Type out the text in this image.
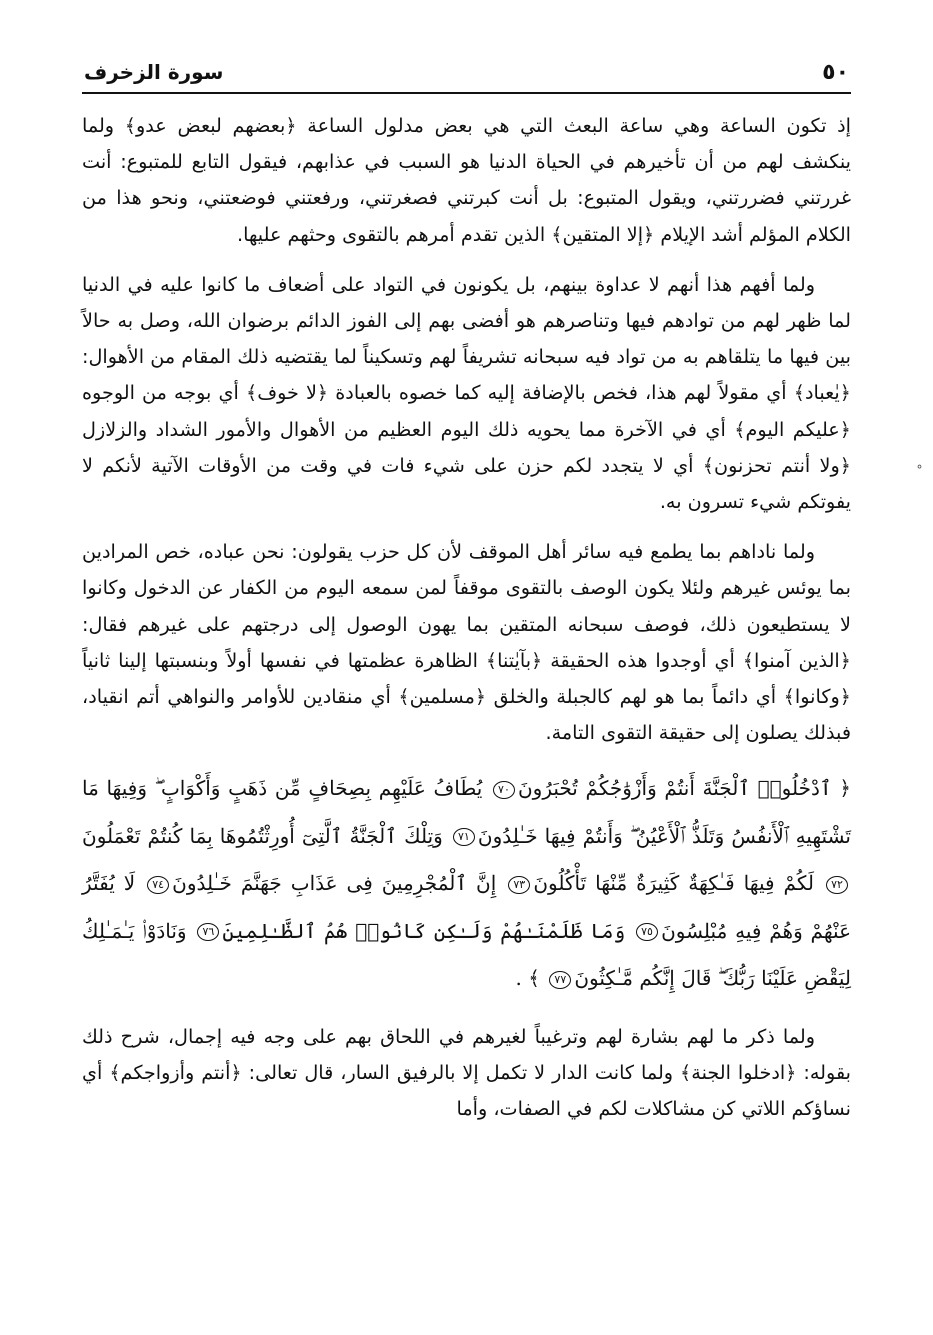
٥٠
سورة الزخرف

إذ تكون الساعة وهي ساعة البعث التي هي بعض مدلول الساعة ﴿بعضهم لبعض عدو﴾ ولما ينكشف لهم من أن تأخيرهم في الحياة الدنيا هو السبب في عذابهم، فيقول التابع للمتبوع: أنت غررتني فضررتني، ويقول المتبوع: بل أنت كبرتني فصغرتني، ورفعتني فوضعتني، ونحو هذا من الكلام المؤلم أشد الإيلام ﴿إلا المتقين﴾ الذين تقدم أمرهم بالتقوى وحثهم عليها.

ولما أفهم هذا أنهم لا عداوة بينهم، بل يكونون في التواد على أضعاف ما كانوا عليه في الدنيا لما ظهر لهم من توادهم فيها وتناصرهم هو أفضى بهم إلى الفوز الدائم برضوان الله، وصل به حالاً بين فيها ما يتلقاهم به من تواد فيه سبحانه تشريفاً لهم وتسكيناً لما يقتضيه ذلك المقام من الأهوال: ﴿يٰعباد﴾ أي مقولاً لهم هذا، فخص بالإضافة إليه كما خصوه بالعبادة ﴿لا خوف﴾ أي بوجه من الوجوه ﴿عليكم اليوم﴾ أي في الآخرة مما يحويه ذلك اليوم العظيم من الأهوال والأمور الشداد والزلازل ﴿ولا أنتم تحزنون﴾ أي لا يتجدد لكم حزن على شيء فات في وقت من الأوقات الآتية لأنكم لا يفوتكم شيء تسرون به.

ولما ناداهم بما يطمع فيه سائر أهل الموقف لأن كل حزب يقولون: نحن عباده، خص المرادين بما يوئس غيرهم ولئلا يكون الوصف بالتقوى موقفاً لمن سمعه اليوم من الكفار عن الدخول وكانوا لا يستطيعون ذلك، فوصف سبحانه المتقين بما يهون الوصول إلى درجتهم على غيرهم فقال: ﴿الذين آمنوا﴾ أي أوجدوا هذه الحقيقة ﴿بآيٰتنا﴾ الظاهرة عظمتها في نفسها أولاً وبنسبتها إلينا ثانياً ﴿وكانوا﴾ أي دائماً بما هو لهم كالجبلة والخلق ﴿مسلمين﴾ أي منقادين للأوامر والنواهي أتم انقياد، فبذلك يصلون إلى حقيقة التقوى التامة.

﴿ ٱدْخُلُوا۟ ٱلْجَنَّةَ أَنتُمْ وَأَزْوَٰجُكُمْ تُحْبَرُونَ٧٠ يُطَافُ عَلَيْهِم بِصِحَافٍ مِّن ذَهَبٍ وَأَكْوَابٍ ۖ وَفِيهَا مَا تَشْتَهِيهِ ٱلْأَنفُسُ وَتَلَذُّ ٱلْأَعْيُنُ ۖ وَأَنتُمْ فِيهَا خَـٰلِدُونَ٧١ وَتِلْكَ ٱلْجَنَّةُ ٱلَّتِىٓ أُورِثْتُمُوهَا بِمَا كُنتُمْ تَعْمَلُونَ٧٢ لَكُمْ فِيهَا فَـٰكِهَةٌ كَثِيرَةٌ مِّنْهَا تَأْكُلُونَ٧٣ إِنَّ ٱلْمُجْرِمِينَ فِى عَذَابِ جَهَنَّمَ خَـٰلِدُونَ٧٤ لَا يُفَتَّرُ عَنْهُمْ وَهُمْ فِيهِ مُبْلِسُونَ٧٥ وَمَا ظَلَمْنَـٰهُمْ وَلَـٰكِن كَانُوا۟ هُمُ ٱلظَّـٰلِمِينَ٧٦ وَنَادَوْا۟ يَـٰمَـٰلِكُ لِيَقْضِ عَلَيْنَا رَبُّكَ ۖ قَالَ إِنَّكُم مَّـٰكِثُونَ٧٧ ﴾ .

ولما ذكر ما لهم بشارة لهم وترغيباً لغيرهم في اللحاق بهم على وجه فيه إجمال، شرح ذلك بقوله: ﴿ادخلوا الجنة﴾ ولما كانت الدار لا تكمل إلا بالرفيق السار، قال تعالى: ﴿أنتم وأزواجكم﴾ أي نساؤكم اللاتي كن مشاكلات لكم في الصفات، وأما

˚
